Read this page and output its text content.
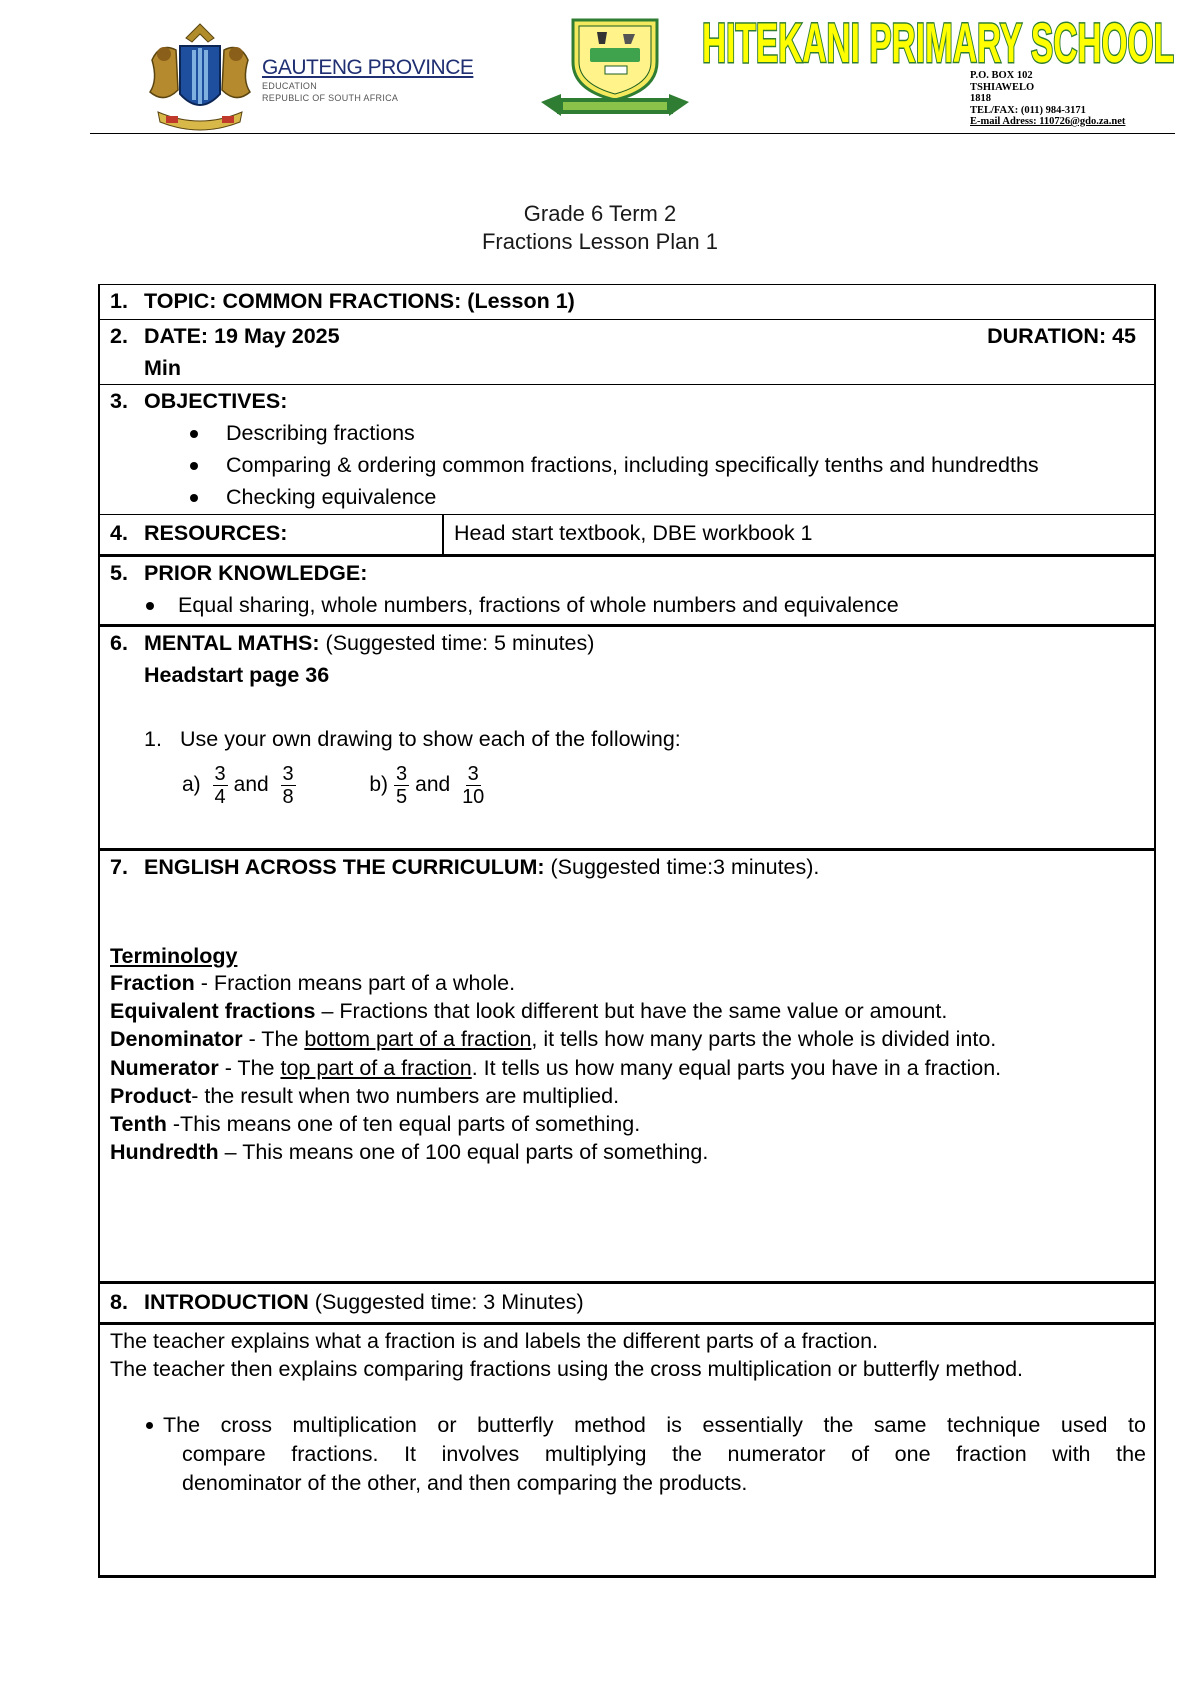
GAUTENG PROVINCE
EDUCATION
REPUBLIC OF SOUTH AFRICA
HITEKANI PRIMARY SCHOOL
P.O. BOX 102
TSHIAWELO
1818
TEL/FAX: (011) 984-3171
E-mail Adress: 110726@gdo.za.net
Grade 6 Term 2
Fractions Lesson Plan 1
1. TOPIC: COMMON FRACTIONS: (Lesson 1)
2. DATE: 19 May 2025	DURATION: 45
Min
3. OBJECTIVES:
Describing fractions
Comparing & ordering common fractions, including specifically tenths and hundredths
Checking equivalence
4. RESOURCES:	Head start textbook, DBE workbook 1
5. PRIOR KNOWLEDGE:
Equal sharing, whole numbers, fractions of whole numbers and equivalence
6. MENTAL MATHS: (Suggested time: 5 minutes)
Headstart page 36
1. Use your own drawing to show each of the following:
$a) \frac{3}{4}$ and $\frac{3}{8}$	$b) \frac{3}{5}$ and $\frac{3}{10}$
7. ENGLISH ACROSS THE CURRICULUM: (Suggested time:3 minutes).
Terminology
Fraction - Fraction means part of a whole.
Equivalent fractions – Fractions that look different but have the same value or amount.
Denominator - The bottom part of a fraction, it tells how many parts the whole is divided into.
Numerator - The top part of a fraction. It tells us how many equal parts you have in a fraction.
Product- the result when two numbers are multiplied.
Tenth -This means one of ten equal parts of something.
Hundredth – This means one of 100 equal parts of something.
8. INTRODUCTION (Suggested time: 3 Minutes)
The teacher explains what a fraction is and labels the different parts of a fraction.
The teacher then explains comparing fractions using the cross multiplication or butterfly method.
The cross multiplication or butterfly method is essentially the same technique used to
compare fractions. It involves multiplying the numerator of one fraction with the
denominator of the other, and then comparing the products.
